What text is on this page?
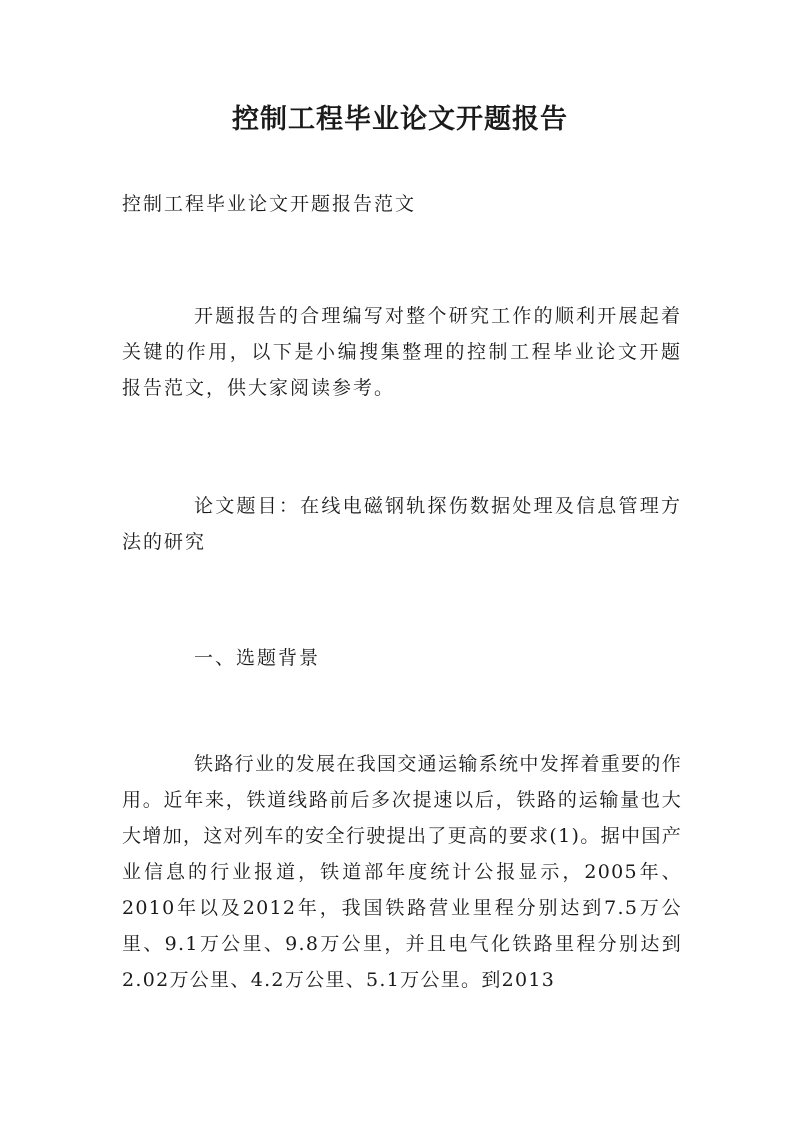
控制工程毕业论文开题报告

控制工程毕业论文开题报告范文

开题报告的合理编写对整个研究工作的顺利开展起着关键的作用，以下是小编搜集整理的控制工程毕业论文开题报告范文，供大家阅读参考。

论文题目：在线电磁钢轨探伤数据处理及信息管理方法的研究

一、选题背景

铁路行业的发展在我国交通运输系统中发挥着重要的作用。近年来，铁道线路前后多次提速以后，铁路的运输量也大大增加，这对列车的安全行驶提出了更高的要求(1)。据中国产业信息的行业报道，铁道部年度统计公报显示，2005年、2010年以及2012年，我国铁路营业里程分别达到7.5万公里、9.1万公里、9.8万公里，并且电气化铁路里程分别达到2.02万公里、4.2万公里、5.1万公里。到2013
